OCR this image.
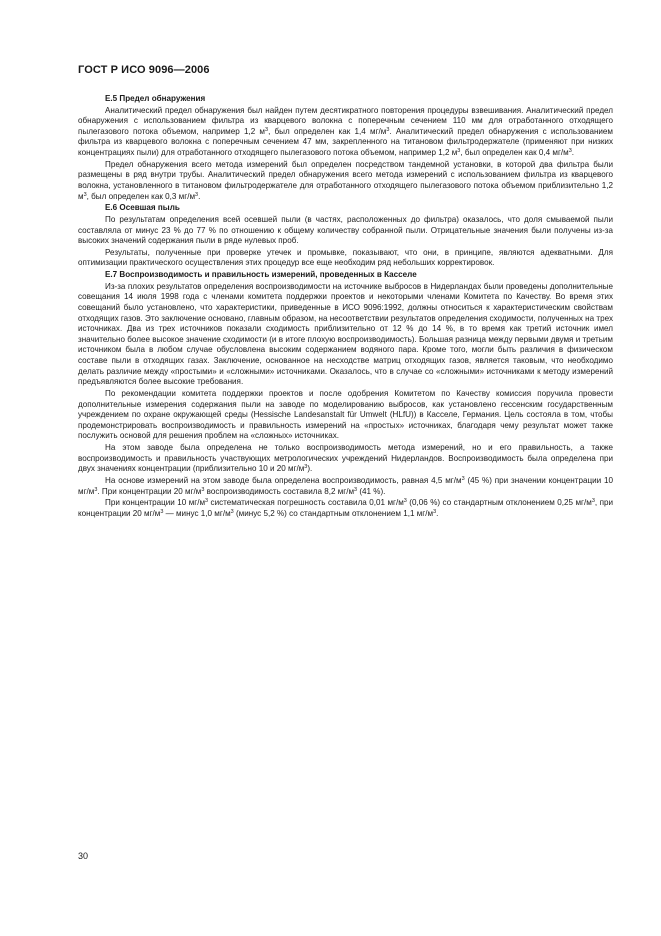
ГОСТ Р ИСО 9096—2006
Е.5 Предел обнаружения

Аналитический предел обнаружения был найден путем десятикратного повторения процедуры взвешивания. Аналитический предел обнаружения с использованием фильтра из кварцевого волокна с поперечным сечением 110 мм для отработанного отходящего пылегазового потока объемом, например 1,2 $м^3$, был определен как 1,4 $мг/м^3$. Аналитический предел обнаружения с использованием фильтра из кварцевого волокна с поперечным сечением 47 мм, закрепленного на титановом фильтродержателе (применяют при низких концентрациях пыли) для отработанного отходящего пылегазового потока объемом, например 1,2 $м^3$, был определен как 0,4 $мг/м^3$.

Предел обнаружения всего метода измерений был определен посредством тандемной установки, в которой два фильтра были размещены в ряд внутри трубы. Аналитический предел обнаружения всего метода измерений с использованием фильтра из кварцевого волокна, установленного в титановом фильтродержателе для отработанного отходящего пылегазового потока объемом приблизительно 1,2 $м^3$, был определен как 0,3 $мг/м^3$.

Е.6 Осевшая пыль

По результатам определения всей осевшей пыли (в частях, расположенных до фильтра) оказалось, что доля смываемой пыли составляла от минус 23 % до 77 % по отношению к общему количеству собранной пыли. Отрицательные значения были получены из-за высоких значений содержания пыли в ряде нулевых проб.

Результаты, полученные при проверке утечек и промывке, показывают, что они, в принципе, являются адекватными. Для оптимизации практического осуществления этих процедур все еще необходим ряд небольших корректировок.

Е.7 Воспроизводимость и правильность измерений, проведенных в Касселе

Из-за плохих результатов определения воспроизводимости на источнике выбросов в Нидерландах были проведены дополнительные совещания 14 июля 1998 года с членами комитета поддержки проектов и некоторыми членами Комитета по Качеству. Во время этих совещаний было установлено, что характеристики, приведенные в ИСО 9096:1992, должны относиться к характеристическим свойствам отходящих газов. Это заключение основано, главным образом, на несоответствии результатов определения сходимости, полученных на трех источниках. Два из трех источников показали сходимость приблизительно от 12 % до 14 %, в то время как третий источник имел значительно более высокое значение сходимости (и в итоге плохую воспроизводимость). Большая разница между первыми двумя и третьим источником была в любом случае обусловлена высоким содержанием водяного пара. Кроме того, могли быть различия в физическом составе пыли в отходящих газах. Заключение, основанное на несходстве матриц отходящих газов, является таковым, что необходимо делать различие между «простыми» и «сложными» источниками. Оказалось, что в случае со «сложными» источниками к методу измерений предъявляются более высокие требования.

По рекомендации комитета поддержки проектов и после одобрения Комитетом по Качеству комиссия поручила провести дополнительные измерения содержания пыли на заводе по моделированию выбросов, как установлено гессенским государственным учреждением по охране окружающей среды (Hessische Landesanstalt für Umwelt (HLfU)) в Касселе, Германия. Цель состояла в том, чтобы продемонстрировать воспроизводимость и правильность измерений на «простых» источниках, благодаря чему результат может также послужить основой для решения проблем на «сложных» источниках.

На этом заводе была определена не только воспроизводимость метода измерений, но и его правильность, а также воспроизводимость и правильность участвующих метрологических учреждений Нидерландов. Воспроизводимость была определена при двух значениях концентрации (приблизительно 10 и 20 $мг/м^3$).

На основе измерений на этом заводе была определена воспроизводимость, равная 4,5 $мг/м^3$ (45 %) при значении концентрации 10 $мг/м^3$. При концентрации 20 $мг/м^3$ воспроизводимость составила 8,2 $мг/м^3$ (41 %).

При концентрации 10 $мг/м^3$ систематическая погрешность составила 0,01 $мг/м^3$ (0,06 %) со стандартным отклонением 0,25 $мг/м^3$, при концентрации 20 $мг/м^3$ — минус 1,0 $мг/м^3$ (минус 5,2 %) со стандартным отклонением 1,1 $мг/м^3$.

30
